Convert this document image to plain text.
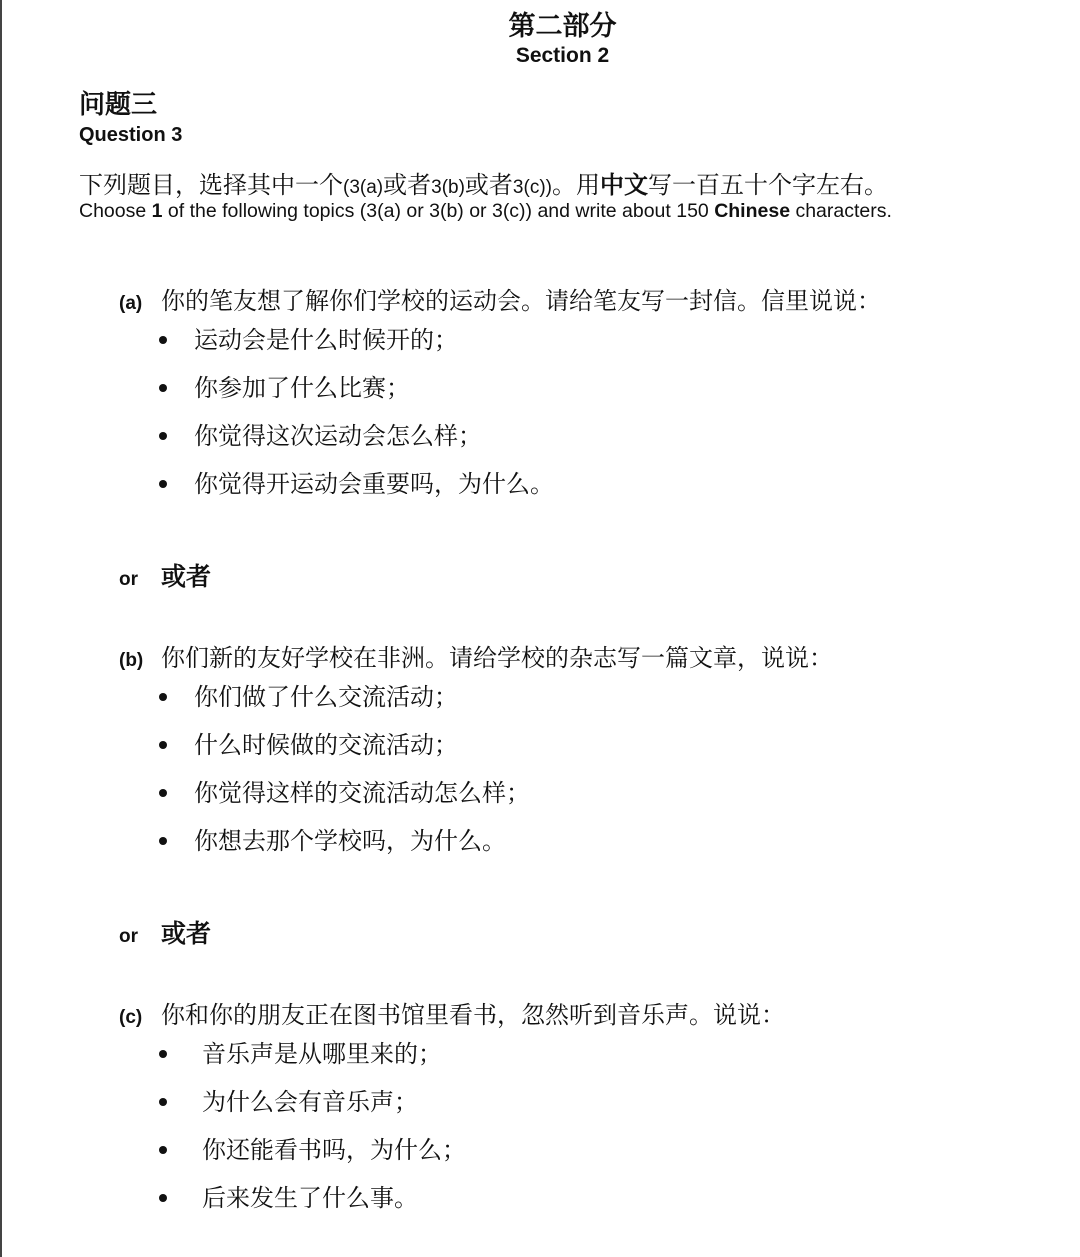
第二部分
Section 2
问题三
Question 3
下列题目，选择其中一个(3(a)或者3(b)或者3(c))。用中文写一百五十个字左右。
Choose 1 of the following topics (3(a) or 3(b) or 3(c)) and write about 150 Chinese characters.
(a) 你的笔友想了解你们学校的运动会。请给笔友写一封信。信里说说：
运动会是什么时候开的；
你参加了什么比赛；
你觉得这次运动会怎么样；
你觉得开运动会重要吗，为什么。
or 或者
(b) 你们新的友好学校在非洲。请给学校的杂志写一篇文章，说说：
你们做了什么交流活动；
什么时候做的交流活动；
你觉得这样的交流活动怎么样；
你想去那个学校吗，为什么。
or 或者
(c) 你和你的朋友正在图书馆里看书，忽然听到音乐声。说说：
音乐声是从哪里来的；
为什么会有音乐声；
你还能看书吗，为什么；
后来发生了什么事。
